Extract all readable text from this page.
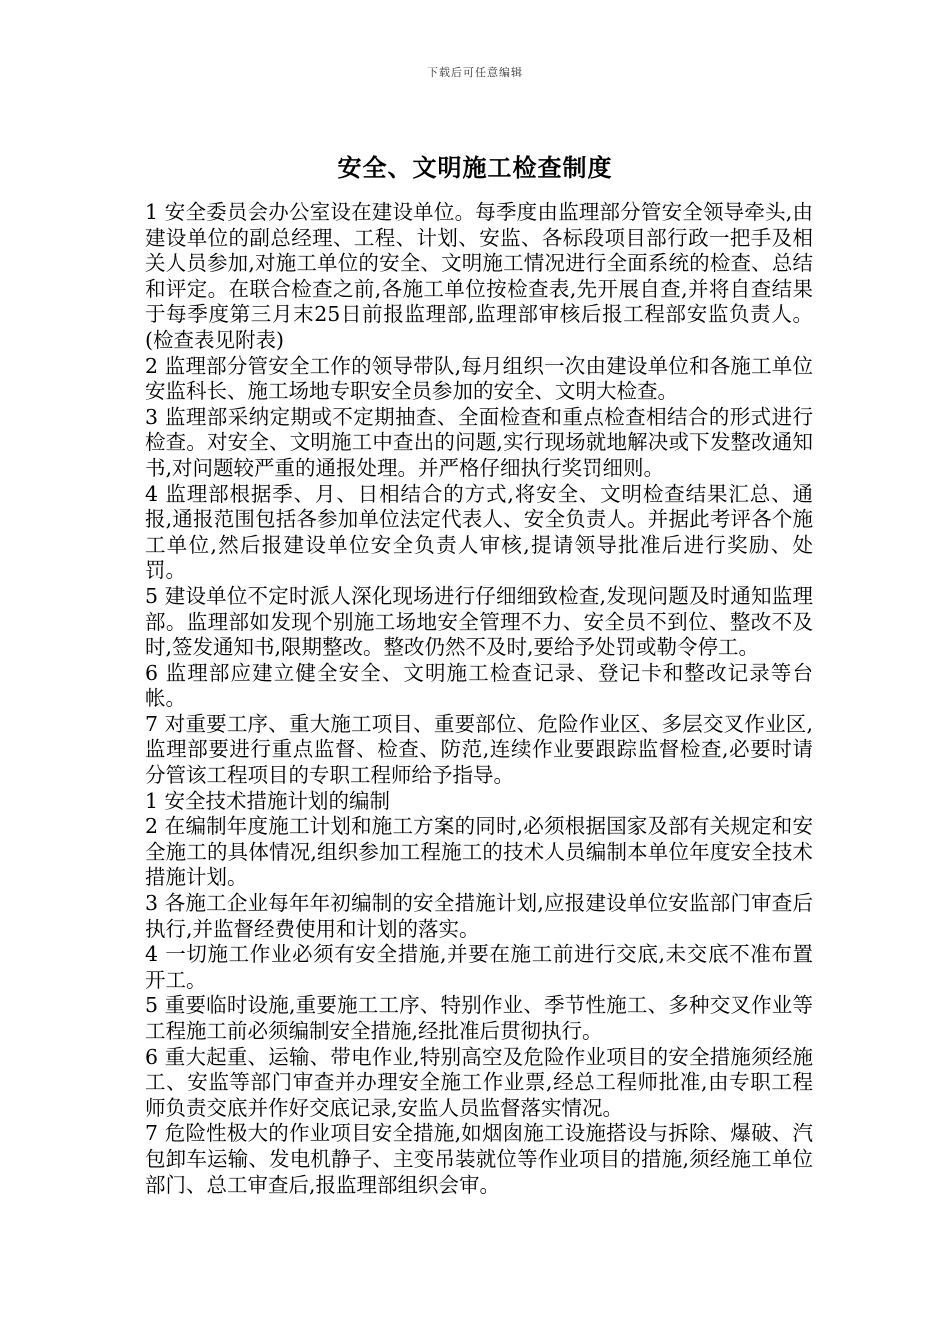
下载后可任意编辑
安全、文明施工检查制度

1 安全委员会办公室设在建设单位。每季度由监理部分管安全领导牵头,由建设单位的副总经理、工程、计划、安监、各标段项目部行政一把手及相关人员参加,对施工单位的安全、文明施工情况进行全面系统的检查、总结和评定。在联合检查之前,各施工单位按检查表,先开展自查,并将自查结果于每季度第三月末25日前报监理部,监理部审核后报工程部安监负责人。(检查表见附表)

2 监理部分管安全工作的领导带队,每月组织一次由建设单位和各施工单位安监科长、施工场地专职安全员参加的安全、文明大检查。

3 监理部采纳定期或不定期抽查、全面检查和重点检查相结合的形式进行检查。对安全、文明施工中查出的问题,实行现场就地解决或下发整改通知书,对问题较严重的通报处理。并严格仔细执行奖罚细则。

4 监理部根据季、月、日相结合的方式,将安全、文明检查结果汇总、通报,通报范围包括各参加单位法定代表人、安全负责人。并据此考评各个施工单位,然后报建设单位安全负责人审核,提请领导批准后进行奖励、处罚。

5 建设单位不定时派人深化现场进行仔细细致检查,发现问题及时通知监理部。监理部如发现个别施工场地安全管理不力、安全员不到位、整改不及时,签发通知书,限期整改。整改仍然不及时,要给予处罚或勒令停工。

6 监理部应建立健全安全、文明施工检查记录、登记卡和整改记录等台帐。

7 对重要工序、重大施工项目、重要部位、危险作业区、多层交叉作业区,监理部要进行重点监督、检查、防范,连续作业要跟踪监督检查,必要时请分管该工程项目的专职工程师给予指导。

1 安全技术措施计划的编制

2 在编制年度施工计划和施工方案的同时,必须根据国家及部有关规定和安全施工的具体情况,组织参加工程施工的技术人员编制本单位年度安全技术措施计划。

3 各施工企业每年年初编制的安全措施计划,应报建设单位安监部门审查后执行,并监督经费使用和计划的落实。

4 一切施工作业必须有安全措施,并要在施工前进行交底,未交底不准布置开工。

5 重要临时设施,重要施工工序、特别作业、季节性施工、多种交叉作业等工程施工前必须编制安全措施,经批准后贯彻执行。

6 重大起重、运输、带电作业,特别高空及危险作业项目的安全措施须经施工、安监等部门审查并办理安全施工作业票,经总工程师批准,由专职工程师负责交底并作好交底记录,安监人员监督落实情况。

7 危险性极大的作业项目安全措施,如烟囱施工设施搭设与拆除、爆破、汽包卸车运输、发电机静子、主变吊装就位等作业项目的措施,须经施工单位部门、总工审查后,报监理部组织会审。
